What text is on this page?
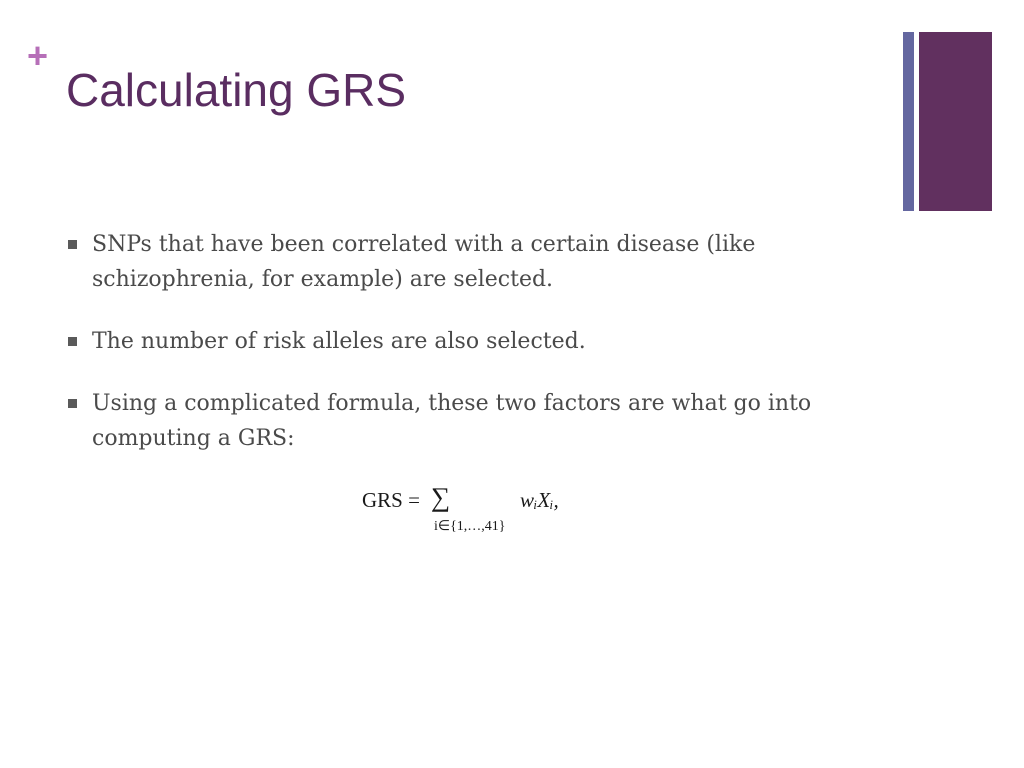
+
Calculating GRS
SNPs that have been correlated with a certain disease (like schizophrenia, for example) are selected.
The number of risk alleles are also selected.
Using a complicated formula, these two factors are what go into computing a GRS:
GRS = ∑
i∈{1,…,41}
wᵢXᵢ,
